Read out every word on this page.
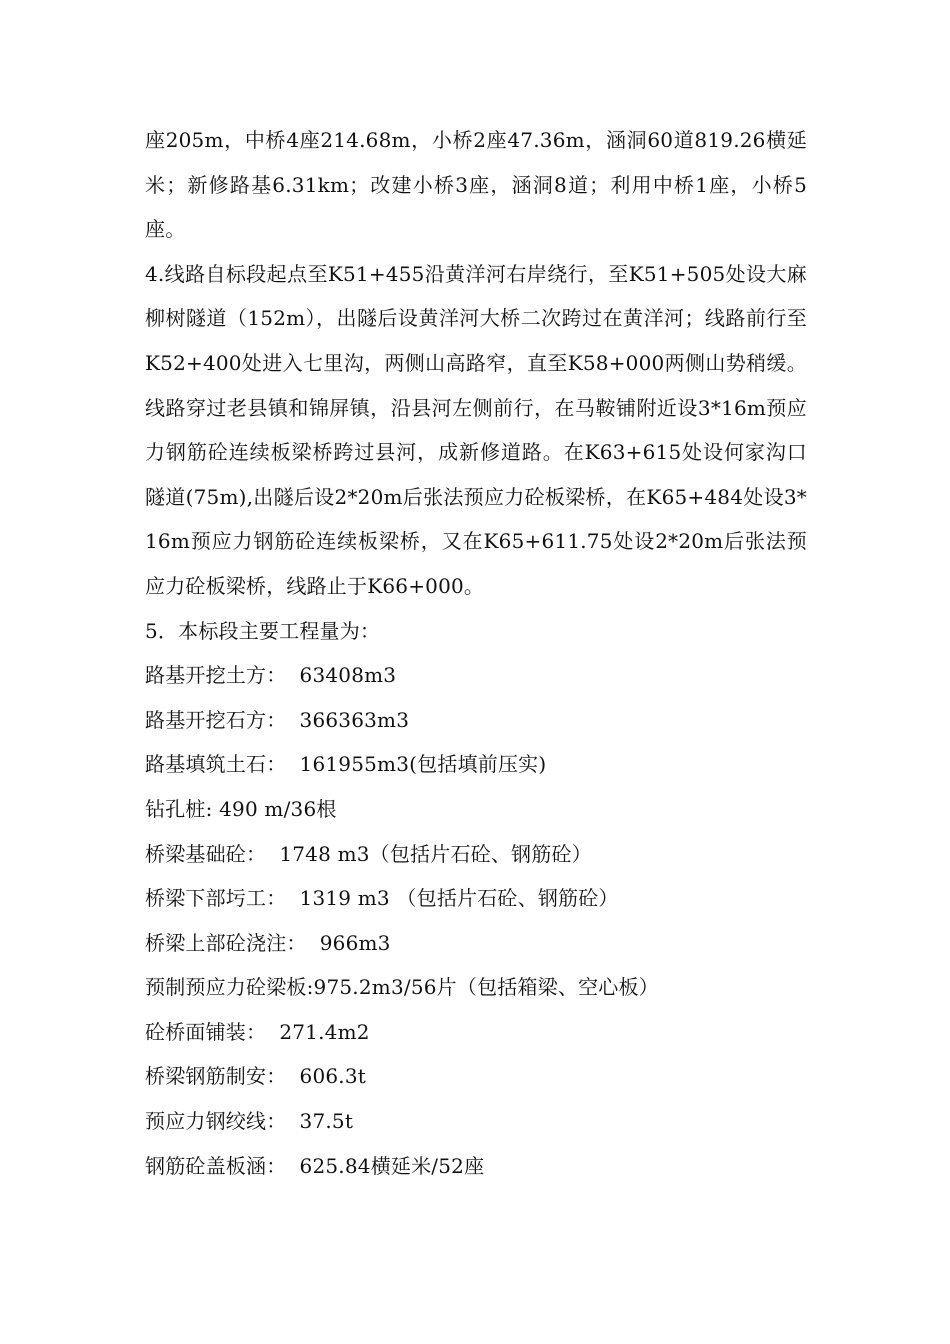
座205m，中桥4座214.68m，小桥2座47.36m，涵洞60道819.26横延米；新修路基6.31km；改建小桥3座，涵洞8道；利用中桥1座，小桥5座。

4.线路自标段起点至K51+455沿黄洋河右岸绕行，至K51+505处设大麻柳树隧道（152m），出隧后设黄洋河大桥二次跨过在黄洋河；线路前行至K52+400处进入七里沟，两侧山高路窄，直至K58+000两侧山势稍缓。线路穿过老县镇和锦屏镇，沿县河左侧前行，在马鞍铺附近设3*16m预应力钢筋砼连续板梁桥跨过县河，成新修道路。在K63+615处设何家沟口隧道(75m),出隧后设2*20m后张法预应力砼板梁桥，在K65+484处设3*16m预应力钢筋砼连续板梁桥，又在K65+611.75处设2*20m后张法预应力砼板梁桥，线路止于K66+000。

5．本标段主要工程量为：

路基开挖土方：  63408m3

路基开挖石方：  366363m3

路基填筑土石：  161955m3(包括填前压实)

钻孔桩: 490 m/36根

桥梁基础砼：  1748 m3（包括片石砼、钢筋砼）

桥梁下部圬工：  1319 m3 （包括片石砼、钢筋砼）

桥梁上部砼浇注：  966m3

预制预应力砼梁板:975.2m3/56片（包括箱梁、空心板）

砼桥面铺装：  271.4m2

桥梁钢筋制安：  606.3t

预应力钢绞线：  37.5t

钢筋砼盖板涵：  625.84横延米/52座
